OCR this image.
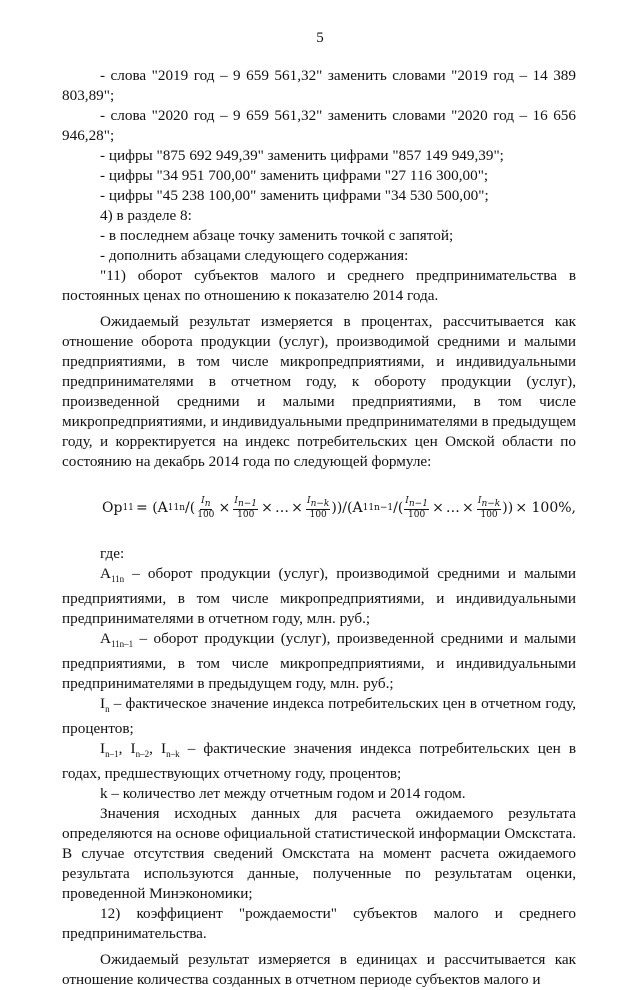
5

- слова "2019 год – 9 659 561,32" заменить словами "2019 год – 14 389 803,89";

- слова "2020 год – 9 659 561,32" заменить словами "2020 год – 16 656 946,28";

- цифры "875 692 949,39" заменить цифрами "857 149 949,39";

- цифры "34 951 700,00" заменить цифрами "27 116 300,00";

- цифры "45 238 100,00" заменить цифрами "34 530 500,00";

4) в разделе 8:

- в последнем абзаце точку заменить точкой с запятой;

- дополнить абзацами следующего содержания:

"11) оборот субъектов малого и среднего предпринимательства в постоянных ценах по отношению к показателю 2014 года.

Ожидаемый результат измеряется в процентах, рассчитывается как отношение оборота продукции (услуг), производимой средними и малыми предприятиями, в том числе микропредприятиями, и индивидуальными предпринимателями в отчетном году, к обороту продукции (услуг), произведенной средними и малыми предприятиями, в том числе микропредприятиями, и индивидуальными предпринимателями в предыдущем году, и корректируется на индекс потребительских цен Омской области по состоянию на декабрь 2014 года по следующей формуле:

Op 11 = (A 11n /( $\frac{I_n}{100} \times \frac{I_{n-1}}{100}$ × … × $\frac{I_{n-k}}{100} ))/(A$ 11n−1 /( $\frac{I_{n-1}}{100}$ × … × $\frac{I_{n-k}}{100}$ )) × 100%,

где:

$А_{11n}$ – оборот продукции (услуг), производимой средними и малыми предприятиями, в том числе микропредприятиями, и индивидуальными предпринимателями в отчетном году, млн. руб.;

$А_{11n-1}$ – оборот продукции (услуг), произведенной средними и малыми предприятиями, в том числе микропредприятиями, и индивидуальными предпринимателями в предыдущем году, млн. руб.;

$I_n$ – фактическое значение индекса потребительских цен в отчетном году, процентов;

$I_{n-1}$, $I_{n-2}$, $I_{n-k}$ – фактические значения индекса потребительских цен в годах, предшествующих отчетному году, процентов;

k – количество лет между отчетным годом и 2014 годом.

Значения исходных данных для расчета ожидаемого результата определяются на основе официальной статистической информации Омскстата. В случае отсутствия сведений Омскстата на момент расчета ожидаемого результата используются данные, полученные по результатам оценки, проведенной Минэкономики;

12) коэффициент "рождаемости" субъектов малого и среднего предпринимательства.

Ожидаемый результат измеряется в единицах и рассчитывается как отношение количества созданных в отчетном периоде субъектов малого и
